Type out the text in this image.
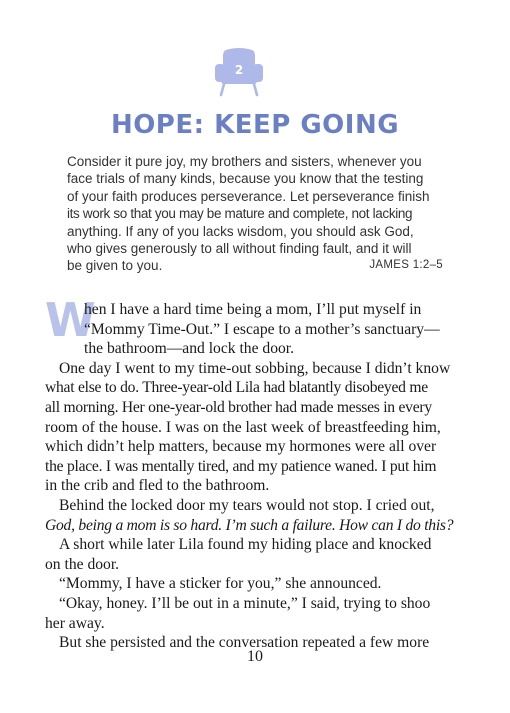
2
HOPE: KEEP GOING
Consider it pure joy, my brothers and sisters, whenever you
face trials of many kinds, because you know that the testing
of your faith produces perseverance. Let perseverance finish
its work so that you may be mature and complete, not lacking
anything. If any of you lacks wisdom, you should ask God,
who gives generously to all without finding fault, and it will
be given to you.	JAMES 1:2–5
W
hen I have a hard time being a mom, I’ll put myself in
“Mommy Time-Out.” I escape to a mother’s sanctuary—
the bathroom—and lock the door.
One day I went to my time-out sobbing, because I didn’t know
what else to do. Three-year-old Lila had blatantly disobeyed me
all morning. Her one-year-old brother had made messes in every
room of the house. I was on the last week of breastfeeding him,
which didn’t help matters, because my hormones were all over
the place. I was mentally tired, and my patience waned. I put him
in the crib and fled to the bathroom.
Behind the locked door my tears would not stop. I cried out,
God, being a mom is so hard. I’m such a failure. How can I do this?
A short while later Lila found my hiding place and knocked
on the door.
“Mommy, I have a sticker for you,” she announced.
“Okay, honey. I’ll be out in a minute,” I said, trying to shoo
her away.
But she persisted and the conversation repeated a few more
10
